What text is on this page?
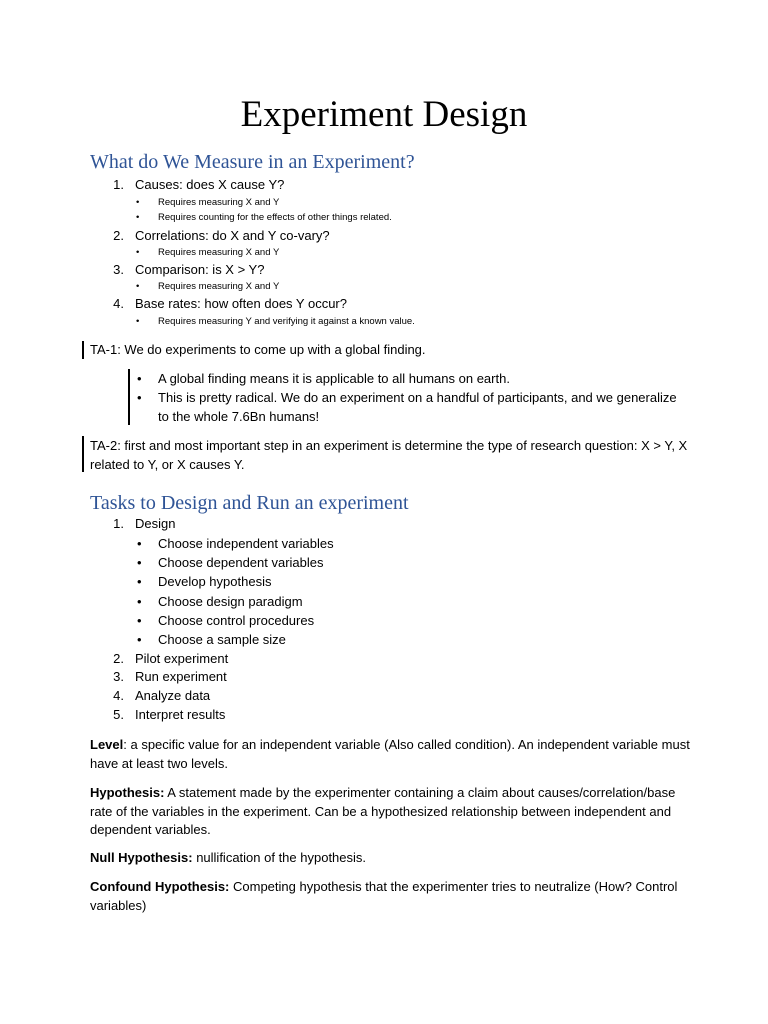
Experiment Design
What do We Measure in an Experiment?
1. Causes: does X cause Y?
• Requires measuring X and Y
• Requires counting for the effects of other things related.
2. Correlations: do X and Y co-vary?
• Requires measuring X and Y
3. Comparison: is X > Y?
• Requires measuring X and Y
4. Base rates: how often does Y occur?
• Requires measuring Y and verifying it against a known value.
TA-1: We do experiments to come up with a global finding.
• A global finding means it is applicable to all humans on earth.
• This is pretty radical. We do an experiment on a handful of participants, and we generalize
to the whole 7.6Bn humans!
TA-2: first and most important step in an experiment is determine the type of research question: X > Y, X
related to Y, or X causes Y.
Tasks to Design and Run an experiment
1. Design
• Choose independent variables
• Choose dependent variables
• Develop hypothesis
• Choose design paradigm
• Choose control procedures
• Choose a sample size
2. Pilot experiment
3. Run experiment
4. Analyze data
5. Interpret results

Level: a specific value for an independent variable (Also called condition). An independent variable must
have at least two levels.

Hypothesis: A statement made by the experimenter containing a claim about causes/correlation/base
rate of the variables in the experiment. Can be a hypothesized relationship between independent and
dependent variables.

Null Hypothesis: nullification of the hypothesis.

Confound Hypothesis: Competing hypothesis that the experimenter tries to neutralize (How? Control
variables)
